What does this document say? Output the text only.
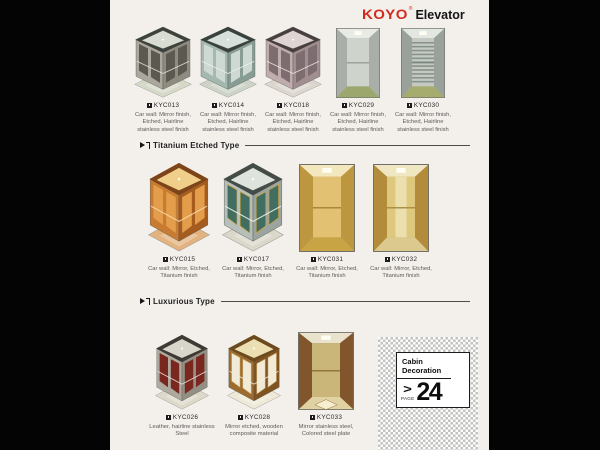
KOYO ® Elevator
KYC013
Car wall: Mirror finish, Etched, Hairline stainless steel finish
KYC014
Car wall: Mirror finish, Etched, Hairline stainless steel finish
KYC018
Car wall: Mirror finish, Etched, Hairline stainless steel finish
KYC029
Car wall: Mirror finish, Etched, Hairline stainless steel finish
KYC030
Car wall: Mirror finish, Etched, Hairline stainless steel finish
Titanium Etched Type
KYC015
Car wall: Mirror, Etched, Titanium finish
KYC017
Car wall: Mirror, Etched, Titanium finish
KYC031
Car wall: Mirror, Etched, Titanium finish
KYC032
Car wall: Mirror, Etched, Titanium finish
Luxurious Type
KYC026
Leather, hairline stainless Steel
KYC028
Mirror etched, wooden composite material
KYC033
Mirror stainless steel, Colored steel plate
Cabin Decoration
>
PAGE 24
